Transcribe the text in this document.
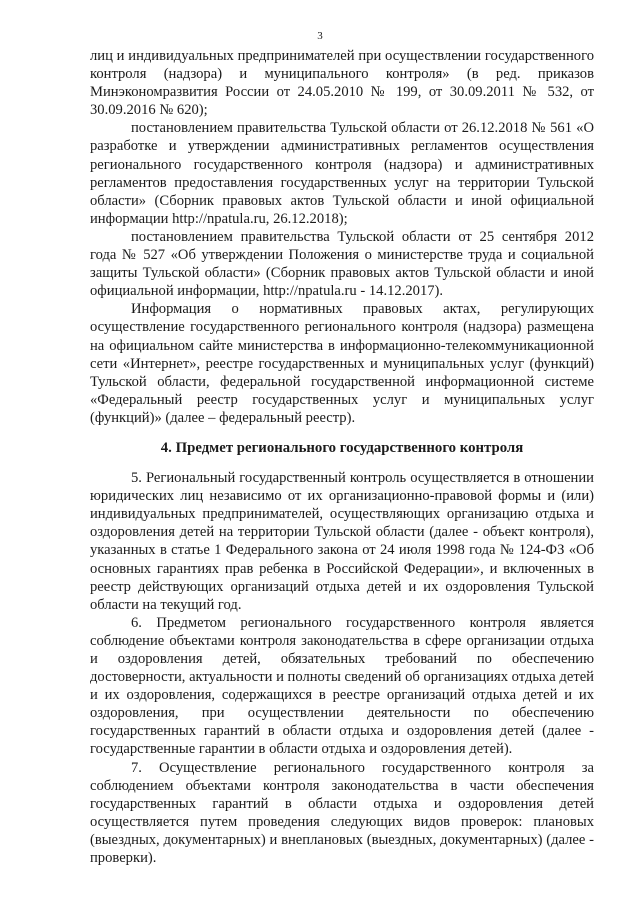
3

лиц и индивидуальных предпринимателей при осуществлении государственного контроля (надзора) и муниципального контроля» (в ред. приказов Минэкономразвития России от 24.05.2010 № 199, от 30.09.2011 № 532, от 30.09.2016 № 620);

постановлением правительства Тульской области от 26.12.2018 № 561 «О разработке и утверждении административных регламентов осуществления регионального государственного контроля (надзора) и административных регламентов предоставления государственных услуг на территории Тульской области» (Сборник правовых актов Тульской области и иной официальной информации http://npatula.ru, 26.12.2018);

постановлением правительства Тульской области от 25 сентября 2012 года № 527 «Об утверждении Положения о министерстве труда и социальной защиты Тульской области» (Сборник правовых актов Тульской области и иной официальной информации, http://npatula.ru - 14.12.2017).

Информация о нормативных правовых актах, регулирующих осуществление государственного регионального контроля (надзора) размещена на официальном сайте министерства в информационно-телекоммуникационной сети «Интернет», реестре государственных и муниципальных услуг (функций) Тульской области, федеральной государственной информационной системе «Федеральный реестр государственных услуг и муниципальных услуг (функций)» (далее – федеральный реестр).

4. Предмет регионального государственного контроля

5. Региональный государственный контроль осуществляется в отношении юридических лиц независимо от их организационно-правовой формы и (или) индивидуальных предпринимателей, осуществляющих организацию отдыха и оздоровления детей на территории Тульской области (далее - объект контроля), указанных в статье 1 Федерального закона от 24 июля 1998 года № 124-ФЗ «Об основных гарантиях прав ребенка в Российской Федерации», и включенных в реестр действующих организаций отдыха детей и их оздоровления Тульской области на текущий год.

6. Предметом регионального государственного контроля является соблюдение объектами контроля законодательства в сфере организации отдыха и оздоровления детей, обязательных требований по обеспечению достоверности, актуальности и полноты сведений об организациях отдыха детей и их оздоровления, содержащихся в реестре организаций отдыха детей и их оздоровления, при осуществлении деятельности по обеспечению государственных гарантий в области отдыха и оздоровления детей (далее - государственные гарантии в области отдыха и оздоровления детей).

7. Осуществление регионального государственного контроля за соблюдением объектами контроля законодательства в части обеспечения государственных гарантий в области отдыха и оздоровления детей осуществляется путем проведения следующих видов проверок: плановых (выездных, документарных) и внеплановых (выездных, документарных) (далее - проверки).
